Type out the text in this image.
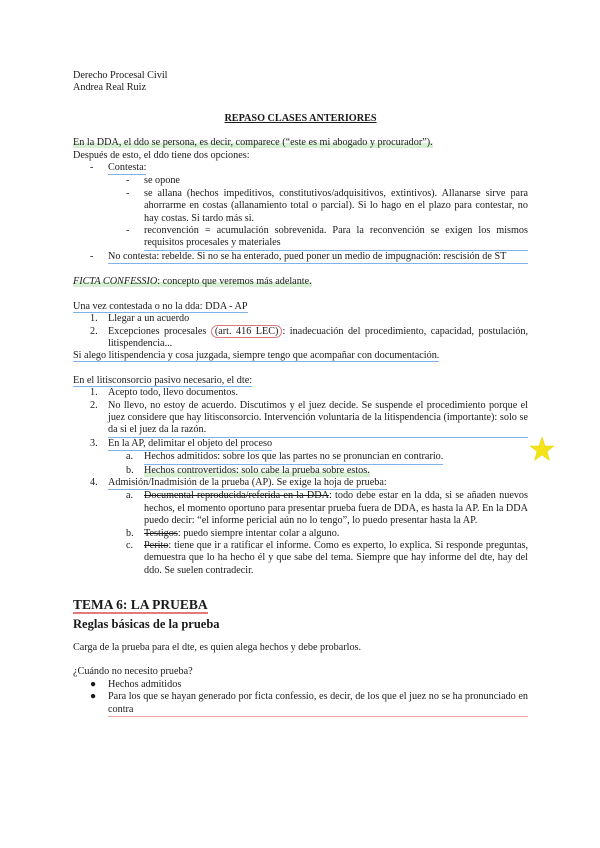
Derecho Procesal Civil

Andrea Real Ruiz

REPASO CLASES ANTERIORES

En la DDA, el ddo se persona, es decir, comparece (“este es mi abogado y procurador”).

Después de esto, el ddo tiene dos opciones:

-	Contesta:
-	se opone
-	se allana (hechos impeditivos, constitutivos/adquisitivos, extintivos). Allanarse sirve para ahorrarme en costas (allanamiento total o parcial). Si lo hago en el plazo para contestar, no hay costas. Si tardo más si.
-	reconvención = acumulación sobrevenida. Para la reconvención se exigen los mismos requisitos procesales y materiales
-	No contesta: rebelde. Si no se ha enterado, pued poner un medio de impugnación: rescisión de ST

FICTA CONFESSIO: concepto que veremos más adelante.

Una vez contestada o no la dda: DDA - AP

1.	Llegar a un acuerdo
2.	Excepciones procesales (art. 416 LEC) : inadecuación del procedimiento, capacidad, postulación, litispendencia...

Si alego litispendencia y cosa juzgada, siempre tengo que acompañar con documentación.

En el litisconsorcio pasivo necesario, el dte:

1.	Acepto todo, llevo documentos.
2.	No llevo, no estoy de acuerdo. Discutimos y el juez decide. Se suspende el procedimiento porque el juez considere que hay litisconsorcio. Intervención voluntaria de la litispendencia (importante): solo se da si el juez da la razón.
3.	En la AP, delimitar el objeto del proceso
a.	Hechos admitidos: sobre los que las partes no se pronuncian en contrario.
b.	Hechos controvertidos: solo cabe la prueba sobre estos.
4.	Admisión/Inadmisión de la prueba (AP). Se exige la hoja de prueba:
a.	Documental reproducida/referida en la DDA: todo debe estar en la dda, si se añaden nuevos hechos, el momento oportuno para presentar prueba fuera de DDA, es hasta la AP. En la DDA puedo decir: “el informe pericial aún no lo tengo”, lo puedo presentar hasta la AP.
b.	Testigos: puedo siempre intentar colar a alguno.
c.	Perito: tiene que ir a ratificar el informe. Como es experto, lo explica. Si responde preguntas, demuestra que lo ha hecho él y que sabe del tema. Siempre que hay informe del dte, hay del ddo. Se suelen contradecir.

TEMA 6: LA PRUEBA

Reglas básicas de la prueba

Carga de la prueba para el dte, es quien alega hechos y debe probarlos.

¿Cuándo no necesito prueba?

●	Hechos admitidos
●	Para los que se hayan generado por ficta confessio, es decir, de los que el juez no se ha pronunciado en contra
